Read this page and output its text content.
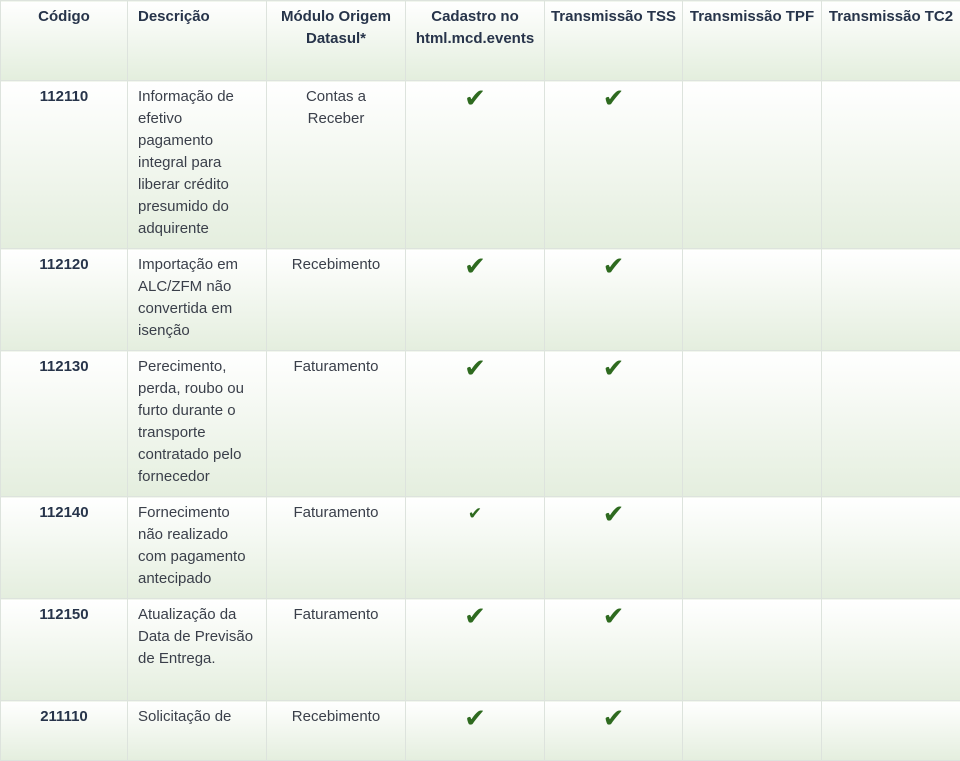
Código	Descrição	Módulo Origem Datasul*	Cadastro no html.mcd.events	Transmissão TSS	Transmissão TPF	Transmissão TC2
112110	Informação de efetivo pagamento integral para liberar crédito presumido do adquirente	Contas a Receber	✔	✔		
112120	Importação em ALC/ZFM não convertida em isenção	Recebimento	✔	✔		
112130	Perecimento, perda, roubo ou furto durante o transporte contratado pelo fornecedor	Faturamento	✔	✔		
112140	Fornecimento não realizado com pagamento antecipado	Faturamento	✔	✔		
112150	Atualização da Data de Previsão de Entrega.	Faturamento	✔	✔		
211110	Solicitação de	Recebimento	✔	✔		
